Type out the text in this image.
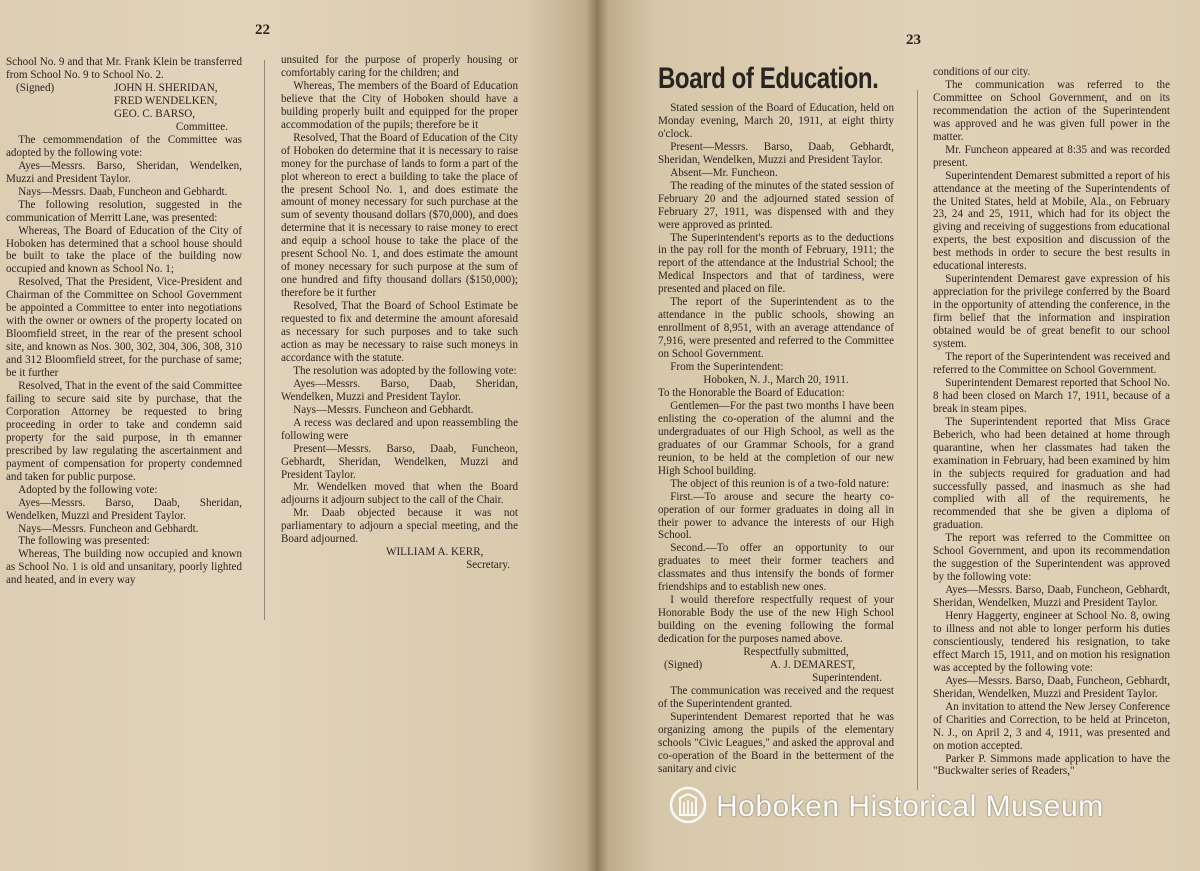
22

School No. 9 and that Mr. Frank Klein be transferred from School No. 9 to School No. 2.

(Signed)	JOHN H. SHERIDAN,
FRED WENDELKEN,
GEO. C. BARSO,
Committee.

The cemommendation of the Committee was adopted by the following vote:

Ayes—Messrs. Barso, Sheridan, Wendelken, Muzzi and President Taylor.

Nays—Messrs. Daab, Funcheon and Gebhardt.

The following resolution, suggested in the communication of Merritt Lane, was presented:

Whereas, The Board of Education of the City of Hoboken has determined that a school house should be built to take the place of the building now occupied and known as School No. 1;

Resolved, That the President, Vice-President and Chairman of the Committee on School Government be appointed a Committee to enter into negotiations with the owner or owners of the property located on Bloomfield street, in the rear of the present school site, and known as Nos. 300, 302, 304, 306, 308, 310 and 312 Bloomfield street, for the purchase of same; be it further

Resolved, That in the event of the said Committee failing to secure said site by purchase, that the Corporation Attorney be requested to bring proceeding in order to take and condemn said property for the said purpose, in th emanner prescribed by law regulating the ascertainment and payment of compensation for property condemned and taken for public purpose.

Adopted by the following vote:

Ayes—Messrs. Barso, Daab, Sheridan, Wendelken, Muzzi and President Taylor.

Nays—Messrs. Funcheon and Gebhardt.

The following was presented:

Whereas, The building now occupied and known as School No. 1 is old and unsanitary, poorly lighted and heated, and in every way

unsuited for the purpose of properly housing or comfortably caring for the children; and

Whereas, The members of the Board of Education believe that the City of Hoboken should have a building properly built and equipped for the proper accommodation of the pupils; therefore be it

Resolved, That the Board of Education of the City of Hoboken do determine that it is necessary to raise money for the purchase of lands to form a part of the plot whereon to erect a building to take the place of the present School No. 1, and does estimate the amount of money necessary for such purchase at the sum of seventy thousand dollars ($70,000), and does determine that it is necessary to raise money to erect and equip a school house to take the place of the present School No. 1, and does estimate the amount of money necessary for such purpose at the sum of one hundred and fifty thousand dollars ($150,000); therefore be it further

Resolved, That the Board of School Estimate be requested to fix and determine the amount aforesaid as necessary for such purposes and to take such action as may be necessary to raise such moneys in accordance with the statute.

The resolution was adopted by the following vote:

Ayes—Messrs. Barso, Daab, Sheridan, Wendelken, Muzzi and President Taylor.

Nays—Messrs. Funcheon and Gebhardt.

A recess was declared and upon reassembling the following were

Present—Messrs. Barso, Daab, Funcheon, Gebhardt, Sheridan, Wendelken, Muzzi and President Taylor.

Mr. Wendelken moved that when the Board adjourns it adjourn subject to the call of the Chair.

Mr. Daab objected because it was not parliamentary to adjourn a special meeting, and the Board adjourned.

WILLIAM A. KERR,

Secretary.

23
Board of Education.

Stated session of the Board of Education, held on Monday evening, March 20, 1911, at eight thirty o'clock.

Present—Messrs. Barso, Daab, Gebhardt, Sheridan, Wendelken, Muzzi and President Taylor.

Absent—Mr. Funcheon.

The reading of the minutes of the stated session of February 20 and the adjourned stated session of February 27, 1911, was dispensed with and they were approved as printed.

The Superintendent's reports as to the deductions in the pay roll for the month of February, 1911; the report of the attendance at the Industrial School; the Medical Inspectors and that of tardiness, were presented and placed on file.

The report of the Superintendent as to the attendance in the public schools, showing an enrollment of 8,951, with an average attendance of 7,916, were presented and referred to the Committee on School Government.

From the Superintendent:

Hoboken, N. J., March 20, 1911.

To the Honorable the Board of Education:

Gentlemen—For the past two months I have been enlisting the co-operation of the alumni and the undergraduates of our High School, as well as the graduates of our Grammar Schools, for a grand reunion, to be held at the completion of our new High School building.

The object of this reunion is of a two-fold nature:

First.—To arouse and secure the hearty co-operation of our former graduates in doing all in their power to advance the interests of our High School.

Second.—To offer an opportunity to our graduates to meet their former teachers and classmates and thus intensify the bonds of former friendships and to establish new ones.

I would therefore respectfully request of your Honorable Body the use of the new High School building on the evening following the formal dedication for the purposes named above.

Respectfully submitted,

(Signed)	A. J. DEMAREST,
Superintendent.

The communication was received and the request of the Superintendent granted.

Superintendent Demarest reported that he was organizing among the pupils of the elementary schools "Civic Leagues," and asked the approval and co-operation of the Board in the betterment of the sanitary and civic

conditions of our city.

The communication was referred to the Committee on School Government, and on its recommendation the action of the Superintendent was approved and he was given full power in the matter.

Mr. Funcheon appeared at 8:35 and was recorded present.

Superintendent Demarest submitted a report of his attendance at the meeting of the Superintendents of the United States, held at Mobile, Ala., on February 23, 24 and 25, 1911, which had for its object the giving and receiving of suggestions from educational experts, the best exposition and discussion of the best methods in order to secure the best results in educational interests.

Superintendent Demarest gave expression of his appreciation for the privilege conferred by the Board in the opportunity of attending the conference, in the firm belief that the information and inspiration obtained would be of great benefit to our school system.

The report of the Superintendent was received and referred to the Committee on School Government.

Superintendent Demarest reported that School No. 8 had been closed on March 17, 1911, because of a break in steam pipes.

The Superintendent reported that Miss Grace Beberich, who had been detained at home through quarantine, when her classmates had taken the examination in February, had been examined by him in the subjects required for graduation and had successfully passed, and inasmuch as she had complied with all of the requirements, he recommended that she be given a diploma of graduation.

The report was referred to the Committee on School Government, and upon its recommendation the suggestion of the Superintendent was approved by the following vote:

Ayes—Messrs. Barso, Daab, Funcheon, Gebhardt, Sheridan, Wendelken, Muzzi and President Taylor.

Henry Haggerty, engineer at School No. 8, owing to illness and not able to longer perform his duties conscientiously, tendered his resignation, to take effect March 15, 1911, and on motion his resignation was accepted by the following vote:

Ayes—Messrs. Barso, Daab, Funcheon, Gebhardt, Sheridan, Wendelken, Muzzi and President Taylor.

An invitation to attend the New Jersey Conference of Charities and Correction, to be held at Princeton, N. J., on April 2, 3 and 4, 1911, was presented and on motion accepted.

Parker P. Simmons made application to have the "Buckwalter series of Readers,"

Hoboken Historical Museum
